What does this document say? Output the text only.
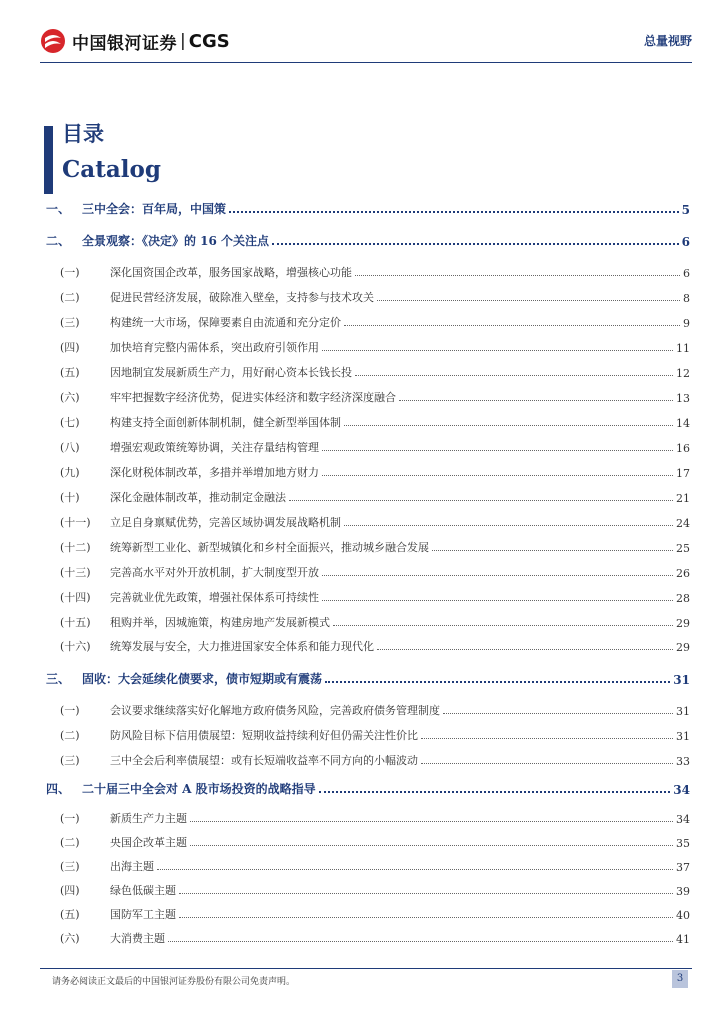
中国银河证券 | CGS	总量视野
目录
Catalog
一、 三中全会：百年局，中国策	5
二、 全景观察：《决定》的 16 个关注点	6
(一)	深化国资国企改革，服务国家战略，增强核心功能	6
(二)	促进民营经济发展，破除准入壁垒，支持参与技术攻关	8
(三)	构建统一大市场，保障要素自由流通和充分定价	9
(四)	加快培育完整内需体系，突出政府引领作用	11
(五)	因地制宜发展新质生产力，用好耐心资本长钱长投	12
(六)	牢牢把握数字经济优势，促进实体经济和数字经济深度融合	13
(七)	构建支持全面创新体制机制，健全新型举国体制	14
(八)	增强宏观政策统筹协调，关注存量结构管理	16
(九)	深化财税体制改革，多措并举增加地方财力	17
(十)	深化金融体制改革，推动制定金融法	21
(十一)	立足自身禀赋优势，完善区域协调发展战略机制	24
(十二)	统筹新型工业化、新型城镇化和乡村全面振兴，推动城乡融合发展	25
(十三)	完善高水平对外开放机制，扩大制度型开放	26
(十四)	完善就业优先政策，增强社保体系可持续性	28
(十五)	租购并举，因城施策，构建房地产发展新模式	29
(十六)	统筹发展与安全，大力推进国家安全体系和能力现代化	29
三、 固收：大会延续化债要求，债市短期或有震荡	31
(一)	会议要求继续落实好化解地方政府债务风险，完善政府债务管理制度	31
(二)	防风险目标下信用债展望：短期收益持续利好但仍需关注性价比	31
(三)	三中全会后利率债展望：或有长短端收益率不同方向的小幅波动	33
四、 二十届三中全会对 A 股市场投资的战略指导	34
(一)	新质生产力主题	34
(二)	央国企改革主题	35
(三)	出海主题	37
(四)	绿色低碳主题	39
(五)	国防军工主题	40
(六)	大消费主题	41
请务必阅读正文最后的中国银河证券股份有限公司免责声明。	3
